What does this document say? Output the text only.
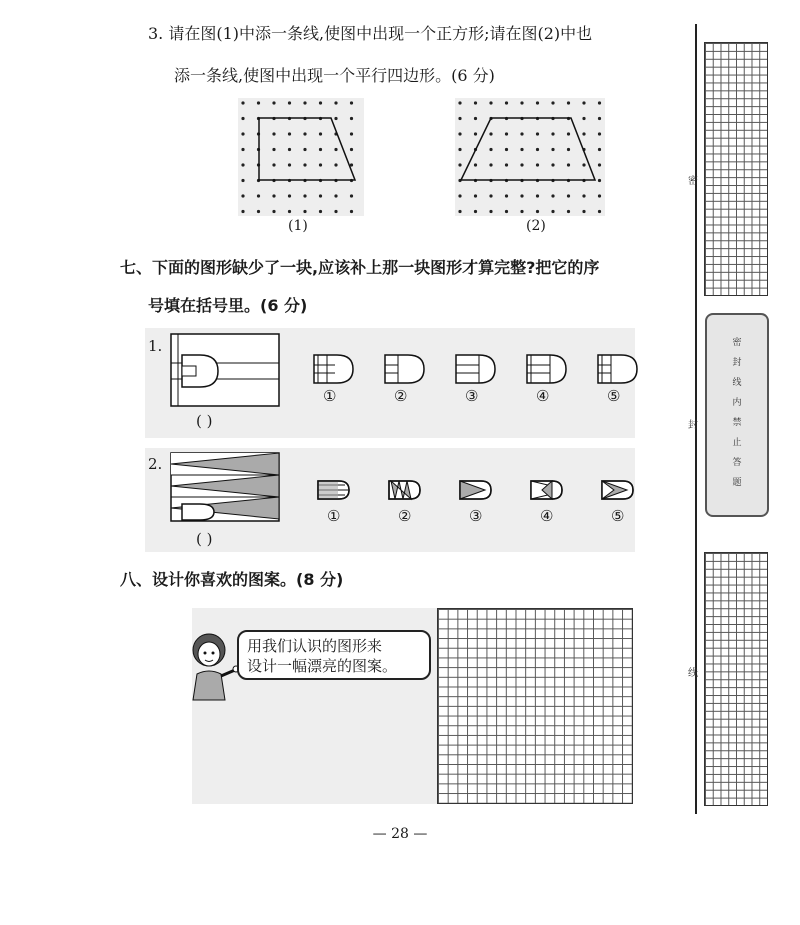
3. 请在图(1)中添一条线,使图中出现一个正方形;请在图(2)中也
添一条线,使图中出现一个平行四边形。(6 分)
(1)	(2)
七、下面的图形缺少了一块,应该补上那一块图形才算完整?把它的序
号填在括号里。(6 分)
1.
( )
2.
( )
①	②	③	④	⑤
①	②	③	④	⑤
八、设计你喜欢的图案。(8 分)
用我们认识的图形来
设计一幅漂亮的图案。
密
封
线
密
封
线
内
禁
止
答
题
— 28 —
